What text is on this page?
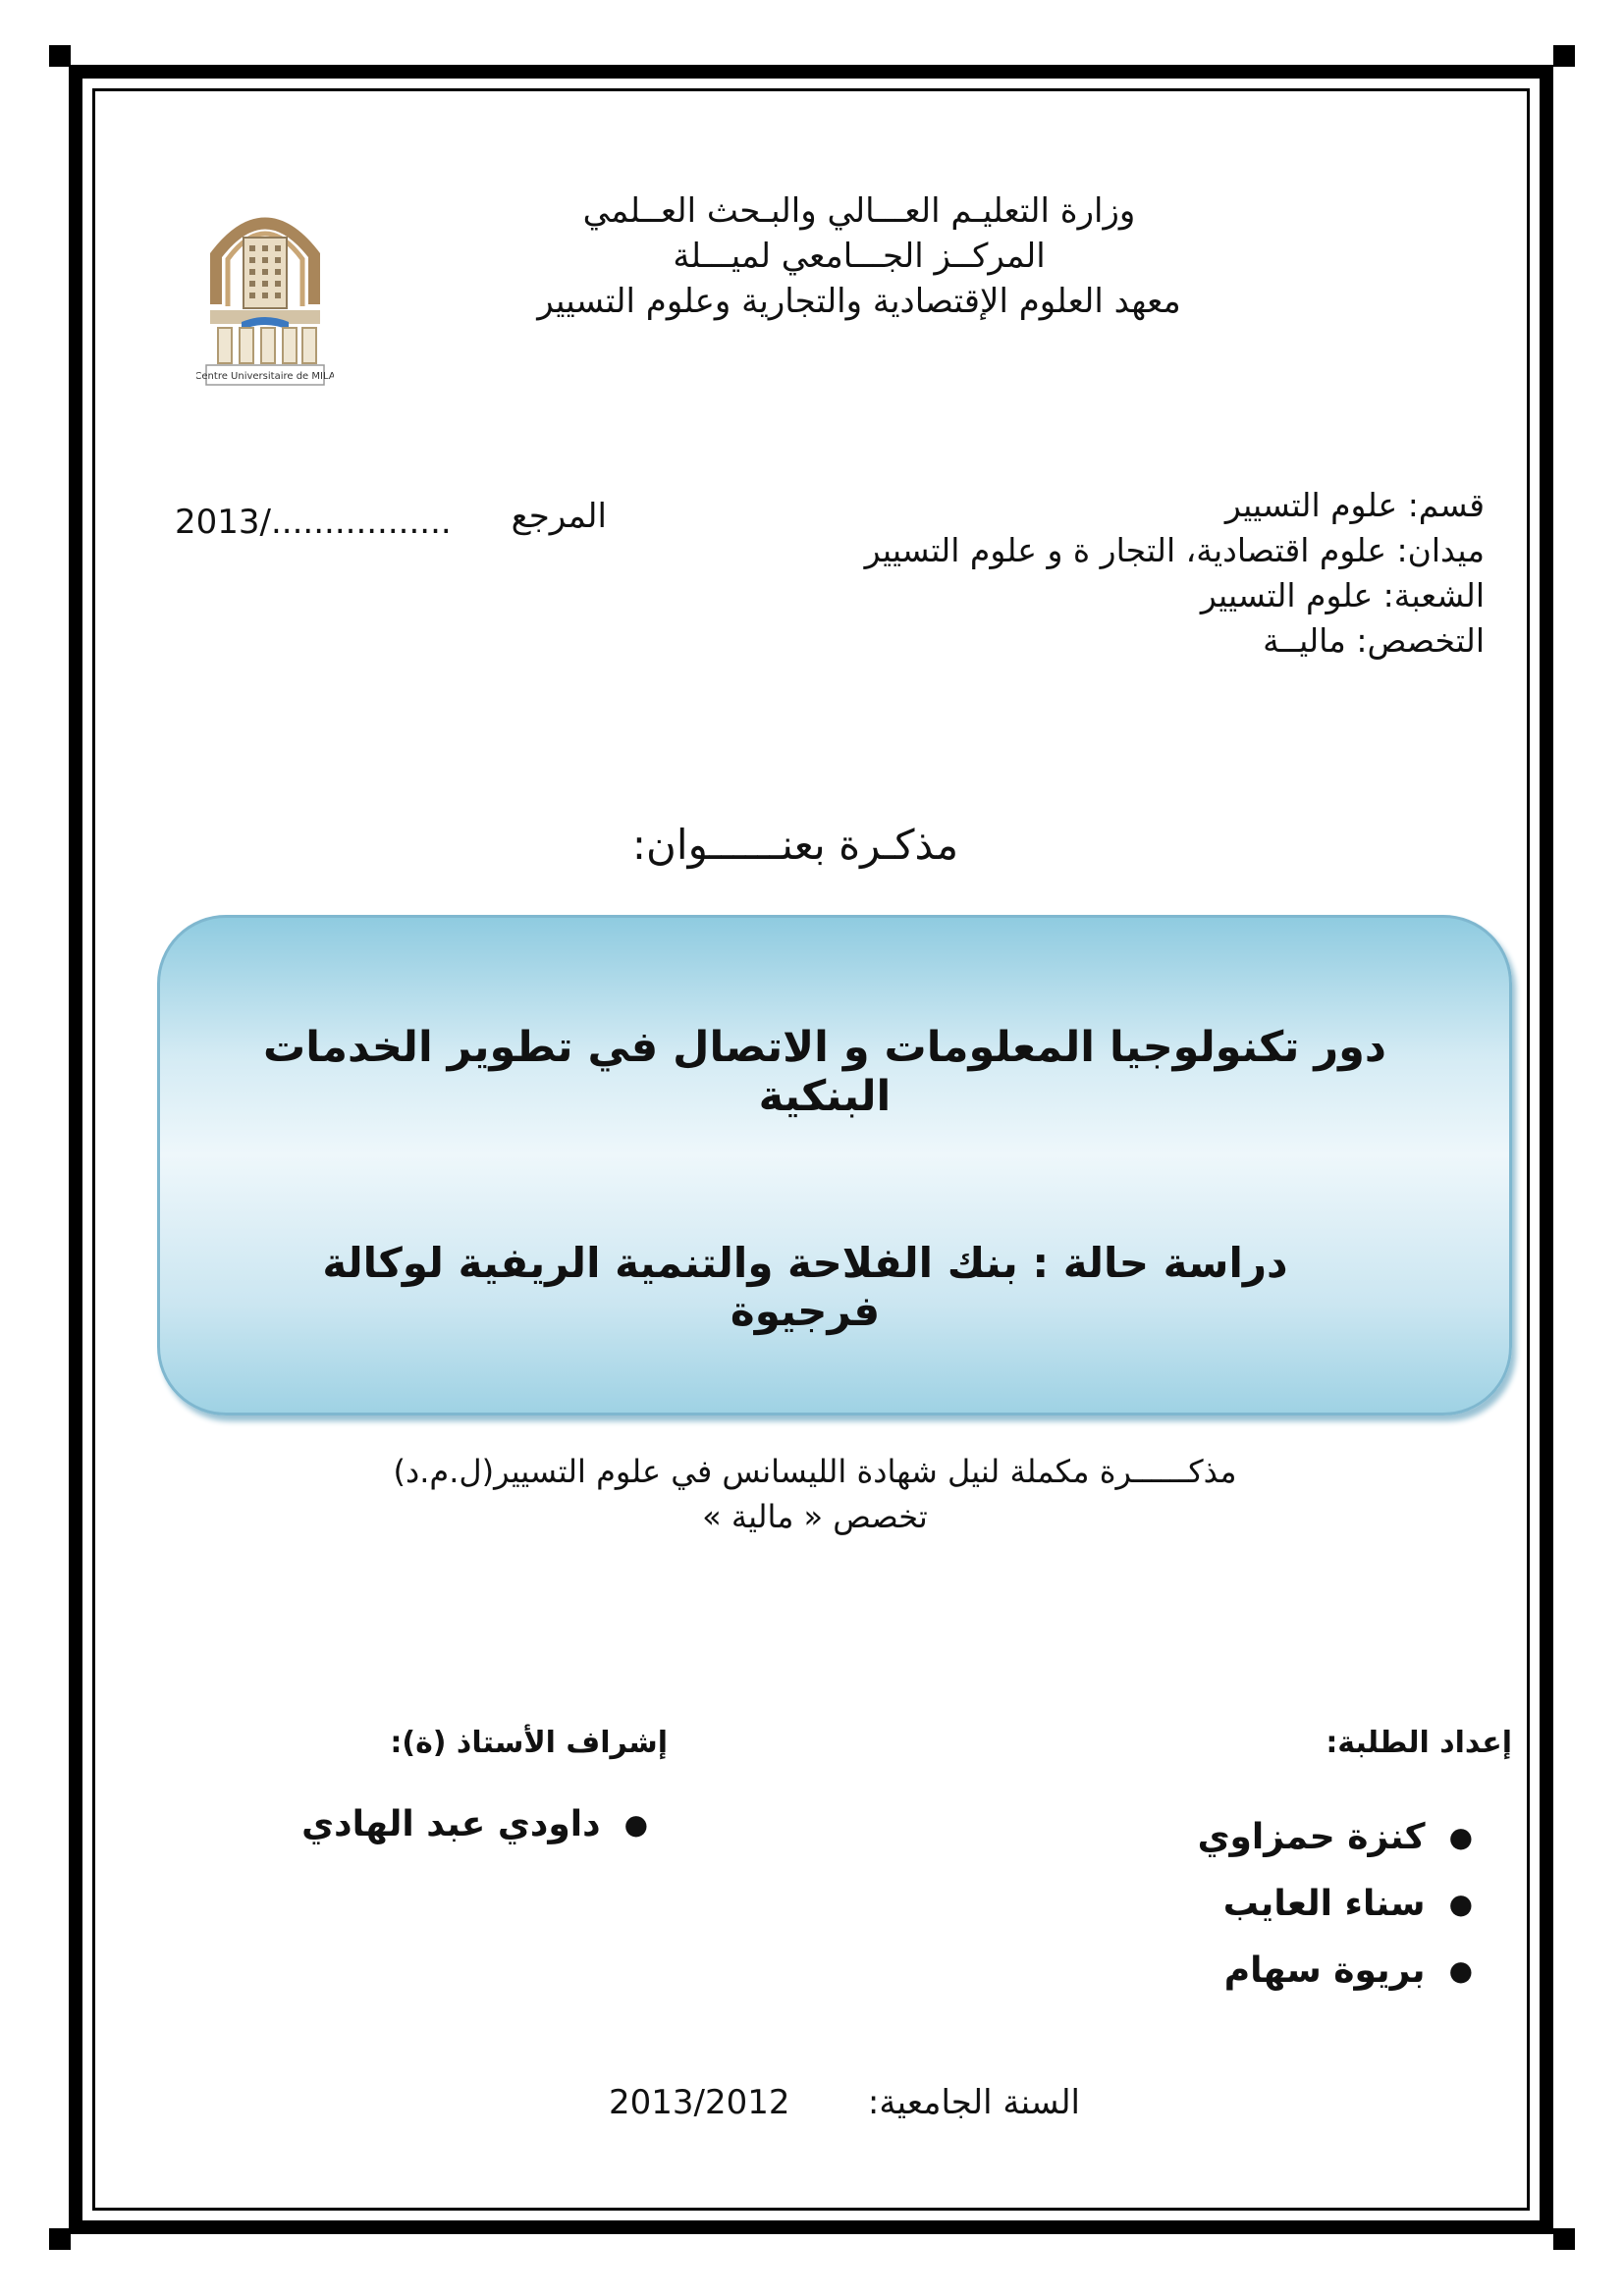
وزارة التعليـم العـــالي والبـحث العــلمي
المركــز الجـــامعي لميـــلة
معهد العلوم الإقتصادية والتجارية وعلوم التسيير
Centre Universitaire de MILA
المرجع
2013/.................	قسم: علوم التسيير
ميدان: علوم اقتصادية، التجار ة و علوم التسيير
الشعبة: علوم التسيير
التخصص: ماليــة
مذكـرة بعنــــــوان:
دور تكنولوجيا المعلومات و الاتصال في تطوير الخدمات البنكية
دراسة حالة : بنك الفلاحة والتنمية الريفية لوكالة فرجيوة
مذكــــــرة مكملة لنيل شهادة الليسانس في علوم التسيير(ل.م.د)
تخصص « مالية »
إعداد الطلبة:
إشراف الأستاذ (ة):
كنزة حمزاوي ●
سناء العايب ●
بريوة سهام ●
داودي عبد الهادي ●
السنة الجامعية:
2013/2012
